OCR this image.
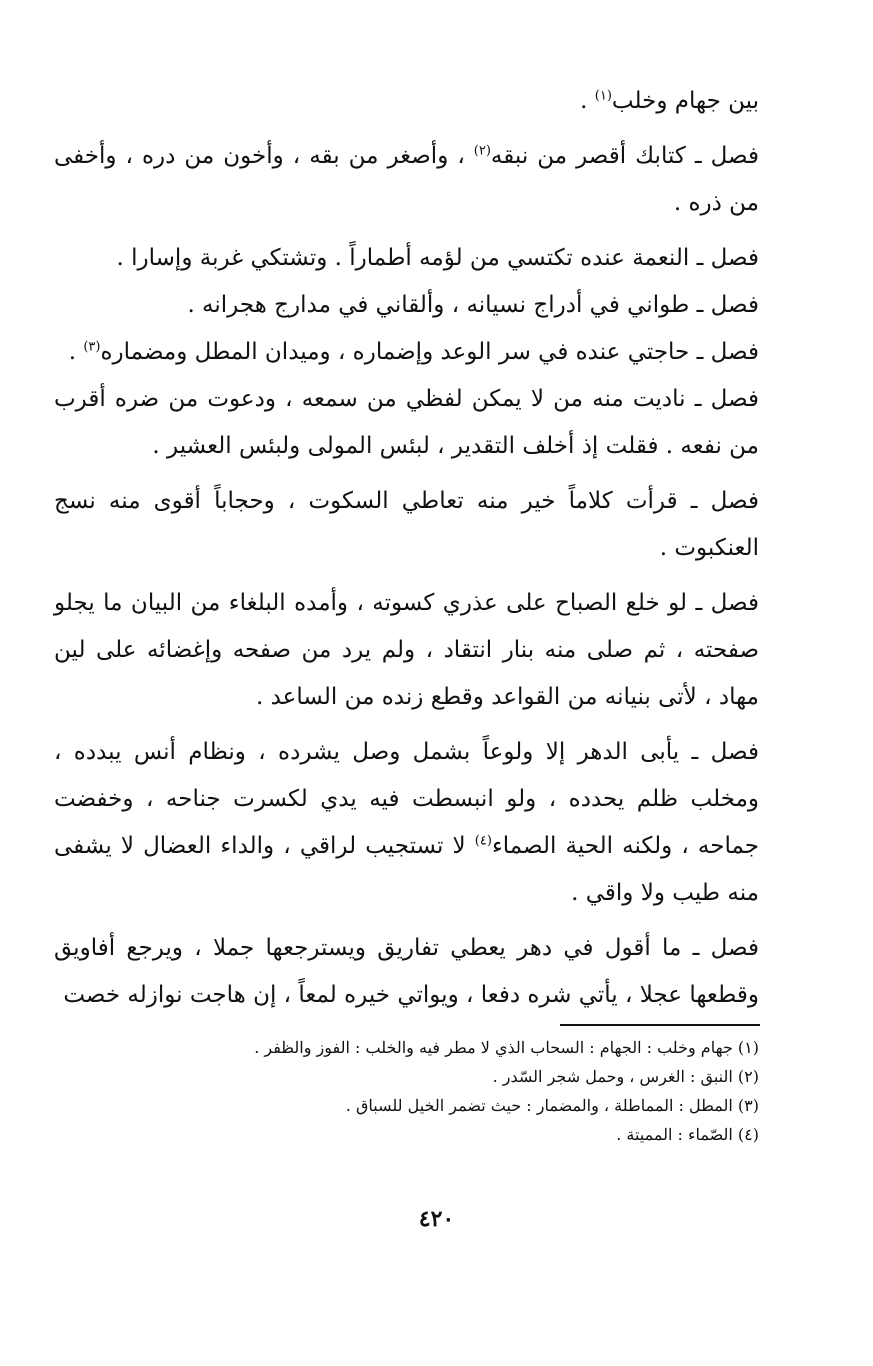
بين جهام وخلب$^{(١)}$ .

فصل ـ كتابك أقصر من نبقه$^{(٢)}$ ، وأصغر من بقه ، وأخون من دره ، وأخفى من ذره .

فصل ـ النعمة عنده تكتسي من لؤمه أطماراً . وتشتكي غربة وإسارا .

فصل ـ طواني في أدراج نسيانه ، وألقاني في مدارج هجرانه .

فصل ـ حاجتي عنده في سر الوعد وإضماره ، وميدان المطل ومضماره$^{(٣)}$ .

فصل ـ ناديت منه من لا يمكن لفظي من سمعه ، ودعوت من ضره أقرب من نفعه . فقلت إذ أخلف التقدير ، لبئس المولى ولبئس العشير .

فصل ـ قرأت كلاماً خير منه تعاطي السكوت ، وحجاباً أقوى منه نسج العنكبوت .

فصل ـ لو خلع الصباح على عذري كسوته ، وأمده البلغاء من البيان ما يجلو صفحته ، ثم صلى منه بنار انتقاد ، ولم يرد من صفحه وإغضائه على لين مهاد ، لأتى بنيانه من القواعد وقطع زنده من الساعد .

فصل ـ يأبى الدهر إلا ولوعاً بشمل وصل يشرده ، ونظام أنس يبدده ، ومخلب ظلم يحدده ، ولو انبسطت فيه يدي لكسرت جناحه ، وخفضت جماحه ، ولكنه الحية الصماء$^{(٤)}$ لا تستجيب لراقي ، والداء العضال لا يشفى منه طيب ولا واقي .

فصل ـ ما أقول في دهر يعطي تفاريق ويسترجعها جملا ، ويرجع أفاويق وقطعها عجلا ، يأتي شره دفعا ، ويواتي خيره لمعاً ، إن هاجت نوازله خصت

(١) جهام وخلب : الجهام : السحاب الذي لا مطر فيه والخلب : الفوز والظفر .
(٢) النبق : الغرس ، وحمل شجر السّدر .
(٣) المطل : المماطلة ، والمضمار : حيث تضمر الخيل للسباق .
(٤) الصّماء : المميتة .
٤٢٠
